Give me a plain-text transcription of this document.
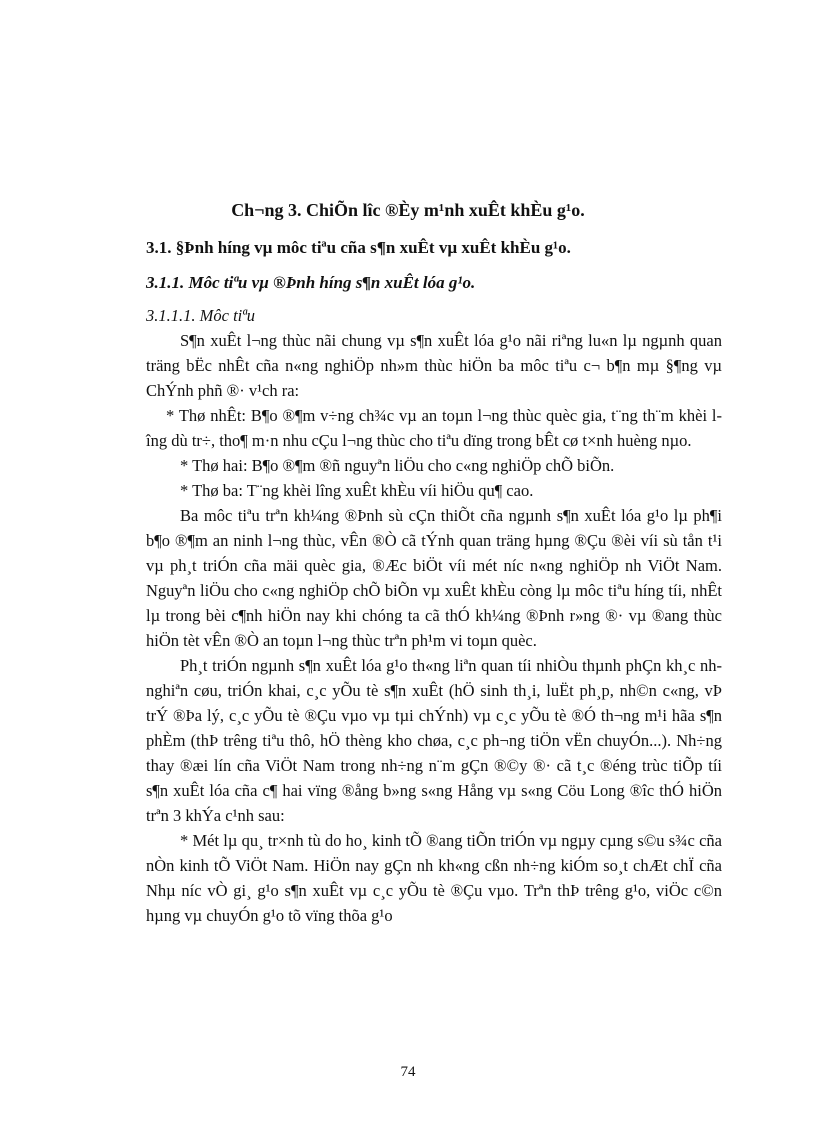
Ch¬ng 3. ChiÕn lîc ®Èy m¹nh xuÊt khÈu g¹o.
3.1. §Þnh híng vµ môc tiªu cña s¶n xuÊt vµ xuÊt khÈu g¹o.
3.1.1. Môc tiªu vµ ®Þnh híng s¶n xuÊt lóa g¹o.
3.1.1.1. Môc tiªu

S¶n xuÊt l¬ng thùc nãi chung vµ s¶n xuÊt lóa g¹o nãi riªng lu«n lµ ngµnh quan träng bËc nhÊt cña n«ng nghiÖp nh»m thùc hiÖn ba môc tiªu c¬ b¶n mµ §¶ng vµ ChÝnh phñ ®· v¹ch ra:

* Thø nhÊt: B¶o ®¶m v÷ng ch¾c vµ an toµn l¬ng thùc quèc gia, t¨ng th¨m khèi lîng dù tr÷, tho¶ m·n nhu cÇu l¬ng thùc cho tiªu dïng trong bÊt cø t×nh huèng nµo.

* Thø hai: B¶o ®¶m ®ñ nguyªn liÖu cho c«ng nghiÖp chÕ biÕn.

* Thø ba: T¨ng khèi lîng xuÊt khÈu víi hiÖu qu¶ cao.

Ba môc tiªu trªn kh¼ng ®Þnh sù cÇn thiÕt cña ngµnh s¶n xuÊt lóa g¹o lµ ph¶i b¶o ®¶m an ninh l¬ng thùc, vÊn ®Ò cã tÝnh quan träng hµng ®Çu ®èi víi sù tån t¹i vµ ph¸t triÓn cña mäi quèc gia, ®Æc biÖt víi mét níc n«ng nghiÖp nh ViÖt Nam. Nguyªn liÖu cho c«ng nghiÖp chÕ biÕn vµ xuÊt khÈu còng lµ môc tiªu híng tíi, nhÊt lµ trong bèi c¶nh hiÖn nay khi chóng ta cã thÓ kh¼ng ®Þnh r»ng ®· vµ ®ang thùc hiÖn tèt vÊn ®Ò an toµn l¬ng thùc trªn ph¹m vi toµn quèc.

Ph¸t triÓn ngµnh s¶n xuÊt lóa g¹o th«ng liªn quan tíi nhiÒu thµnh phÇn kh¸c nh nghiªn cøu, triÓn khai, c¸c yÕu tè s¶n xuÊt (hÖ sinh th¸i, luËt ph¸p, nh©n c«ng, vÞ trÝ ®Þa lý, c¸c yÕu tè ®Çu vµo vµ tµi chÝnh) vµ c¸c yÕu tè ®Ó th¬ng m¹i hãa s¶n phÈm (thÞ trêng tiªu thô, hÖ thèng kho chøa, c¸c ph¬ng tiÖn vËn chuyÓn...). Nh÷ng thay ®æi lín cña ViÖt Nam trong nh÷ng n¨m gÇn ®©y ®· cã t¸c ®éng trùc tiÕp tíi s¶n xuÊt lóa cña c¶ hai vïng ®ång b»ng s«ng Hång vµ s«ng Cöu Long ®îc thÓ hiÖn trªn 3 khÝa c¹nh sau:

* Mét lµ qu¸ tr×nh tù do ho¸ kinh tÕ ®ang tiÕn triÓn vµ ngµy cµng s©u s¾c cña nÒn kinh tÕ ViÖt Nam. HiÖn nay gÇn nh kh«ng cßn nh÷ng kiÓm so¸t chÆt chÏ cña Nhµ níc vÒ gi¸ g¹o s¶n xuÊt vµ c¸c yÕu tè ®Çu vµo. Trªn thÞ trêng g¹o, viÖc c©n hµng vµ chuyÓn g¹o tõ vïng thõa g¹o

74
